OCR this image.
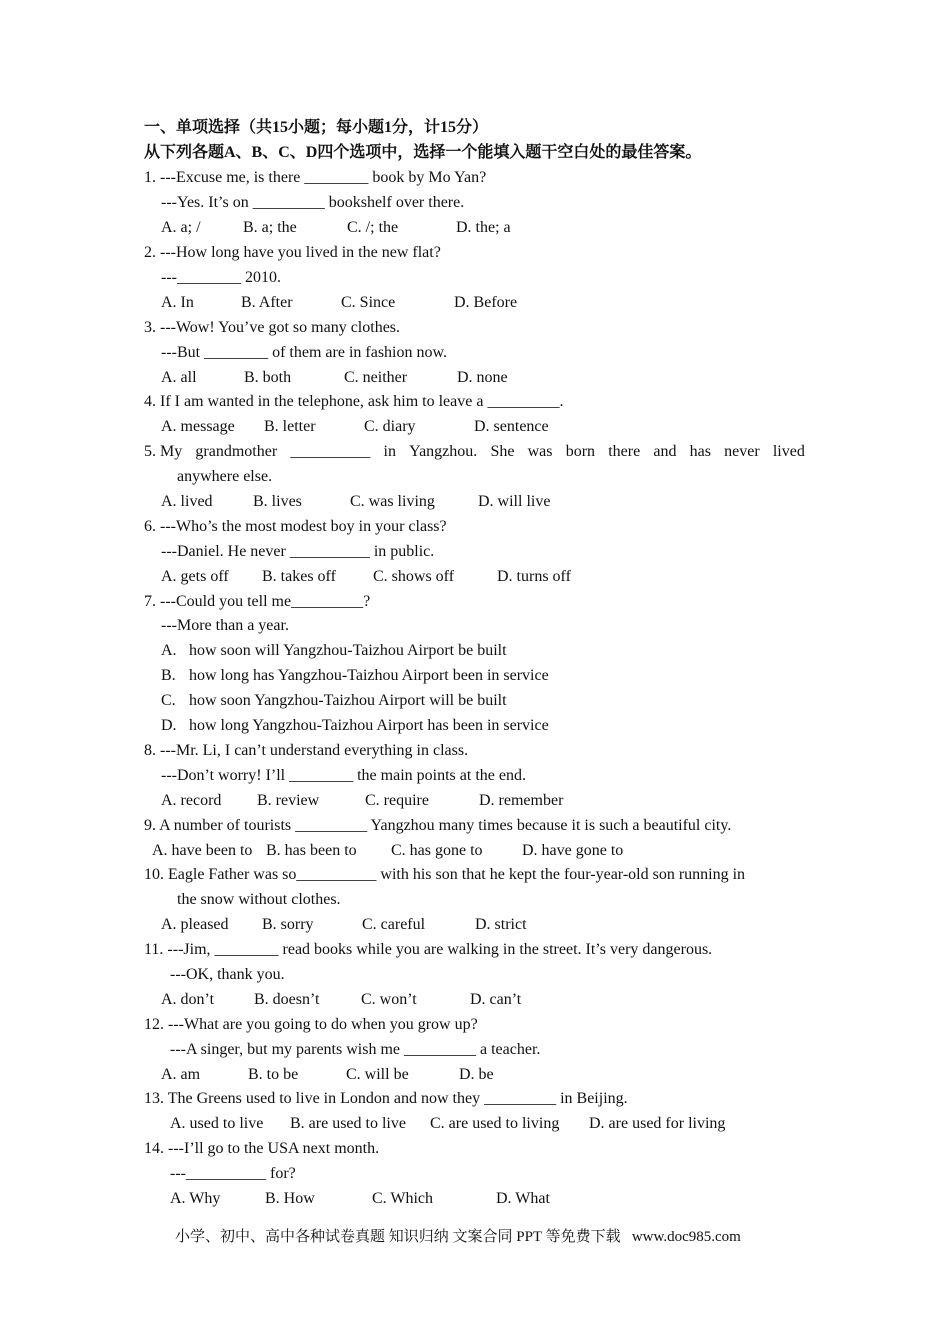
一、单项选择（共15小题；每小题1分，计15分）
从下列各题A、B、C、D四个选项中，选择一个能填入题干空白处的最佳答案。
1. ---Excuse me, is there ________ book by Mo Yan?
---Yes. It’s on _________ bookshelf over there.
A. a; /	B. a; the	C. /; the	D. the; a
2. ---How long have you lived in the new flat?
---________ 2010.
A. In	B. After	C. Since	D. Before
3. ---Wow! You’ve got so many clothes.
---But ________ of them are in fashion now.
A. all	B. both	C. neither	D. none
4. If I am wanted in the telephone, ask him to leave a _________.
A. message B. letter	C. diary	D. sentence
5. My grandmother __________ in Yangzhou. She was born there and has never lived
anywhere else.
A. lived	B. lives	C. was living	D. will live
6. ---Who’s the most modest boy in your class?
---Daniel. He never __________ in public.
A. gets off B. takes off C. shows off	D. turns off
7. ---Could you tell me_________?
---More than a year.
A. how soon will Yangzhou-Taizhou Airport be built
B. how long has Yangzhou-Taizhou Airport been in service
C. how soon Yangzhou-Taizhou Airport will be built
D. how long Yangzhou-Taizhou Airport has been in service
8. ---Mr. Li, I can’t understand everything in class.
---Don’t worry! I’ll ________ the main points at the end.
A. record B. review	C. require	D. remember
9. A number of tourists _________ Yangzhou many times because it is such a beautiful city.
A. have been to B. has been to C. has gone to D. have gone to
10. Eagle Father was so__________ with his son that he kept the four-year-old son running in
the snow without clothes.
A. pleased B. sorry	C. careful	D. strict
11. ---Jim, ________ read books while you are walking in the street. It’s very dangerous.
---OK, thank you.
A. don’t B. doesn’t	C. won’t	D. can’t
12. ---What are you going to do when you grow up?
---A singer, but my parents wish me _________ a teacher.
A. am	B. to be	C. will be	D. be
13. The Greens used to live in London and now they _________ in Beijing.
A. used to live B. are used to live C. are used to living D. are used for living
14. ---I’ll go to the USA next month.
---__________ for?
A. Why	B. How	C. Which	D. What
小学、初中、高中各种试卷真题 知识归纳 文案合同 PPT 等免费下载   www.doc985.com
